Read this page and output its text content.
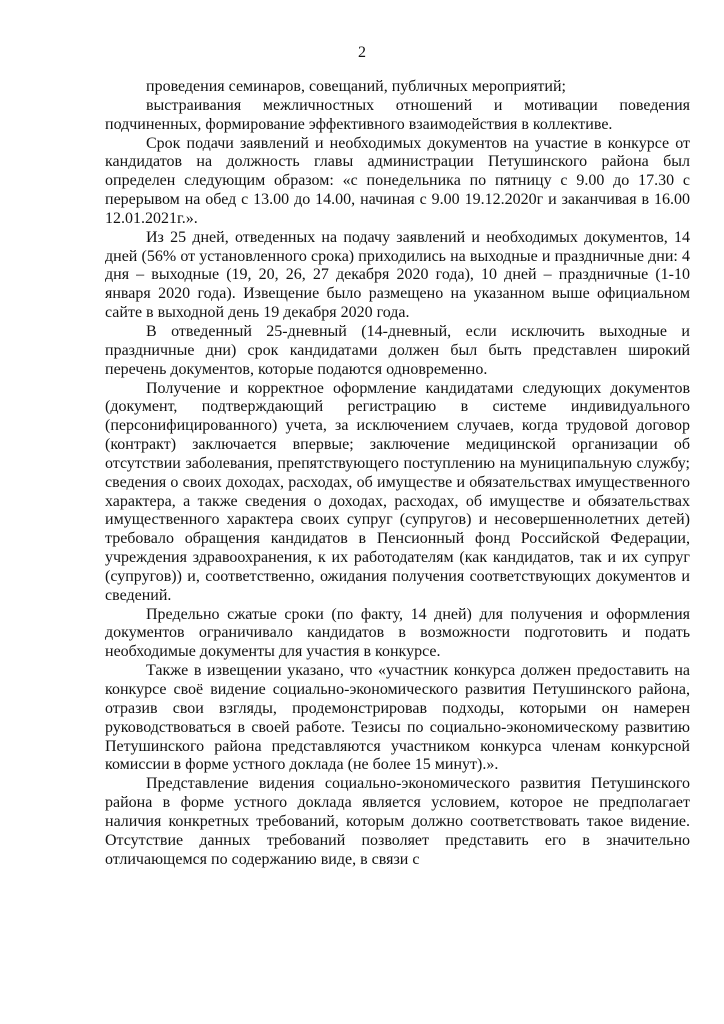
2

проведения семинаров, совещаний, публичных мероприятий;

выстраивания межличностных отношений и мотивации поведения подчиненных, формирование эффективного взаимодействия в коллективе.

Срок подачи заявлений и необходимых документов на участие в конкурсе от кандидатов на должность главы администрации Петушинского района был определен следующим образом: «с понедельника по пятницу с 9.00 до 17.30 с перерывом на обед с 13.00 до 14.00, начиная с 9.00 19.12.2020г и заканчивая в 16.00 12.01.2021г.».

Из 25 дней, отведенных на подачу заявлений и необходимых документов, 14 дней (56% от установленного срока) приходились на выходные и праздничные дни: 4 дня – выходные (19, 20, 26, 27 декабря 2020 года), 10 дней – праздничные (1-10 января 2020 года). Извещение было размещено на указанном выше официальном сайте в выходной день 19 декабря 2020 года.

В отведенный 25-дневный (14-дневный, если исключить выходные и праздничные дни) срок кандидатами должен был быть представлен широкий перечень документов, которые подаются одновременно.

Получение и корректное оформление кандидатами следующих документов (документ, подтверждающий регистрацию в системе индивидуального (персонифицированного) учета, за исключением случаев, когда трудовой договор (контракт) заключается впервые; заключение медицинской организации об отсутствии заболевания, препятствующего поступлению на муниципальную службу; сведения о своих доходах, расходах, об имуществе и обязательствах имущественного характера, а также сведения о доходах, расходах, об имуществе и обязательствах имущественного характера своих супруг (супругов) и несовершеннолетних детей) требовало обращения кандидатов в Пенсионный фонд Российской Федерации, учреждения здравоохранения, к их работодателям (как кандидатов, так и их супруг (супругов)) и, соответственно, ожидания получения соответствующих документов и сведений.

Предельно сжатые сроки (по факту, 14 дней) для получения и оформления документов ограничивало кандидатов в возможности подготовить и подать необходимые документы для участия в конкурсе.

Также в извещении указано, что «участник конкурса должен предоставить на конкурсе своё видение социально-экономического развития Петушинского района, отразив свои взгляды, продемонстрировав подходы, которыми он намерен руководствоваться в своей работе. Тезисы по социально-экономическому развитию Петушинского района представляются участником конкурса членам конкурсной комиссии в форме устного доклада (не более 15 минут).».

Представление видения социально-экономического развития Петушинского района в форме устного доклада является условием, которое не предполагает наличия конкретных требований, которым должно соответствовать такое видение. Отсутствие данных требований позволяет представить его в значительно отличающемся по содержанию виде, в связи с
